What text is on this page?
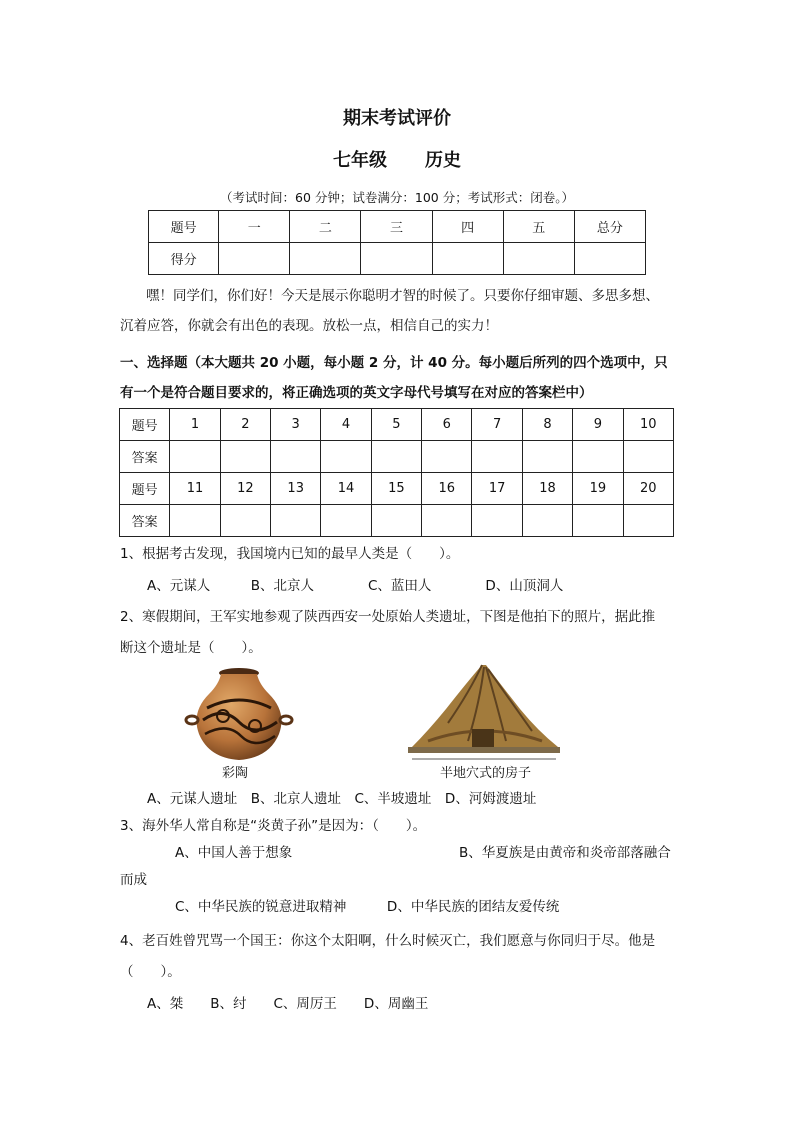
期末考试评价
七年级 历史
（考试时间：60 分钟；试卷满分：100 分；考试形式：闭卷。）
题号	一	二	三	四	五	总分
得分						
嘿！同学们，你们好！今天是展示你聪明才智的时候了。只要你仔细审题、多思多想、
沉着应答，你就会有出色的表现。放松一点，相信自己的实力！
一、选择题（本大题共 20 小题，每小题 2 分，计 40 分。每小题后所列的四个选项中，只
有一个是符合题目要求的，将正确选项的英文字母代号填写在对应的答案栏中）
题号	1	2	3	4	5	6	7	8	9	10
答案										
题号	11	12	13	14	15	16	17	18	19	20
答案										
1、根据考古发现，我国境内已知的最早人类是（　　）。
A、元谋人　　　B、北京人　　　　C、蓝田人　　　　D、山顶洞人
2、寒假期间，王军实地参观了陕西西安一处原始人类遗址，下图是他拍下的照片，据此推
断这个遗址是（　　）。
彩陶	半地穴式的房子
A、元谋人遗址　B、北京人遗址　C、半坡遗址　D、河姆渡遗址
3、海外华人常自称是“炎黄子孙”是因为：（　　）。
A、中国人善于想象	B、华夏族是由黄帝和炎帝部落融合
而成
C、中华民族的锐意进取精神　　　D、中华民族的团结友爱传统
4、老百姓曾咒骂一个国王：你这个太阳啊，什么时候灭亡，我们愿意与你同归于尽。他是
（　　）。
A、桀　　B、纣　　C、周厉王　　D、周幽王
